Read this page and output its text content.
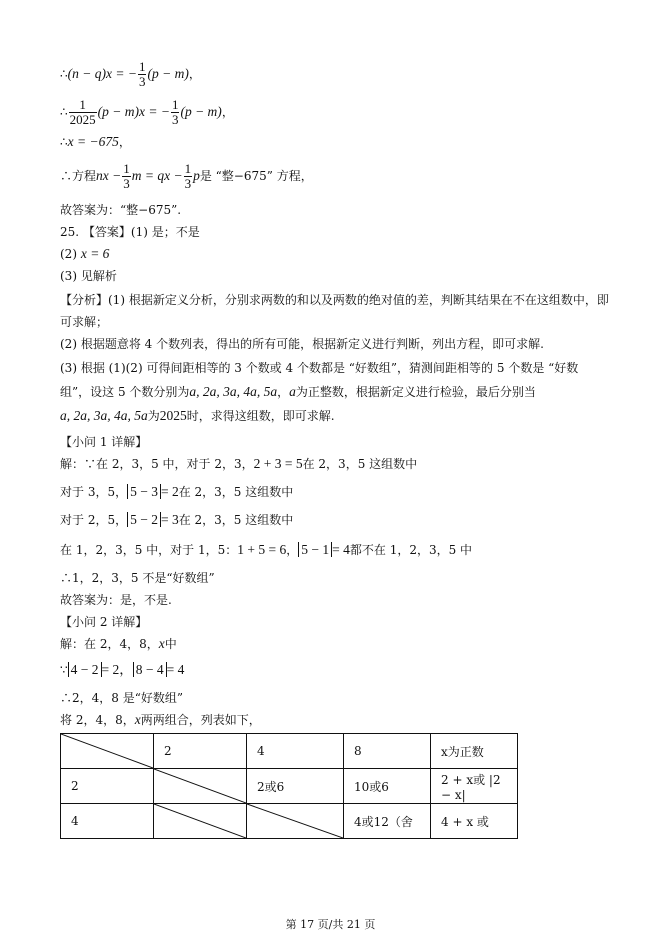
∴(n − q)x = − $\frac{1}{3} (p - m)$，
∴ $\frac{1}{2025} (p - m)x$ = − $\frac{1}{3} (p - m)$，
∴x = −675，
∴方程nx − $\frac{1}{3}$ m = qx − $\frac{1}{3}$ p是 “整−675” 方程，
故答案为：“整−675”.
25. 【答案】(1) 是；不是
(2) x = 6
(3) 见解析
【分析】(1) 根据新定义分析，分别求两数的和以及两数的绝对值的差，判断其结果在不在这组数中，即
可求解；
(2) 根据题意将 4 个数列表，得出的所有可能，根据新定义进行判断，列出方程，即可求解.
(3) 根据 (1)(2) 可得间距相等的 3 个数或 4 个数都是 “好数组”，猜测间距相等的 5 个数是 “好数
组”，设这 5 个数分别为a, 2a, 3a, 4a, 5a，a为正整数，根据新定义进行检验，最后分别当
a, 2a, 3a, 4a, 5a为2025时，求得这组数，即可求解.
【小问 1 详解】
解：∵在 2，3，5 中，对于 2，3，2 + 3 = 5在 2，3，5 这组数中
对于 3，5， 5 − 3 = 2在 2，3，5 这组数中
对于 2，5， 5 − 2 = 3在 2，3，5 这组数中
在 1，2，3，5 中，对于 1，5：1 + 5 = 6， 5 − 1 = 4都不在 1，2，3，5 中
∴1，2，3，5 不是“好数组”
故答案为：是，不是.
【小问 2 详解】
解：在 2，4，8，x中
∵ 4 − 2 = 2， 8 − 4 = 4
∴2，4，8 是“好数组”
将 2，4，8，x两两组合，列表如下，
	2	4	8	x为正数
2		2或6	10或6	2 + x或 |2 − x|
4			4或12（舍	4 + x 或
第 17 页/共 21 页
